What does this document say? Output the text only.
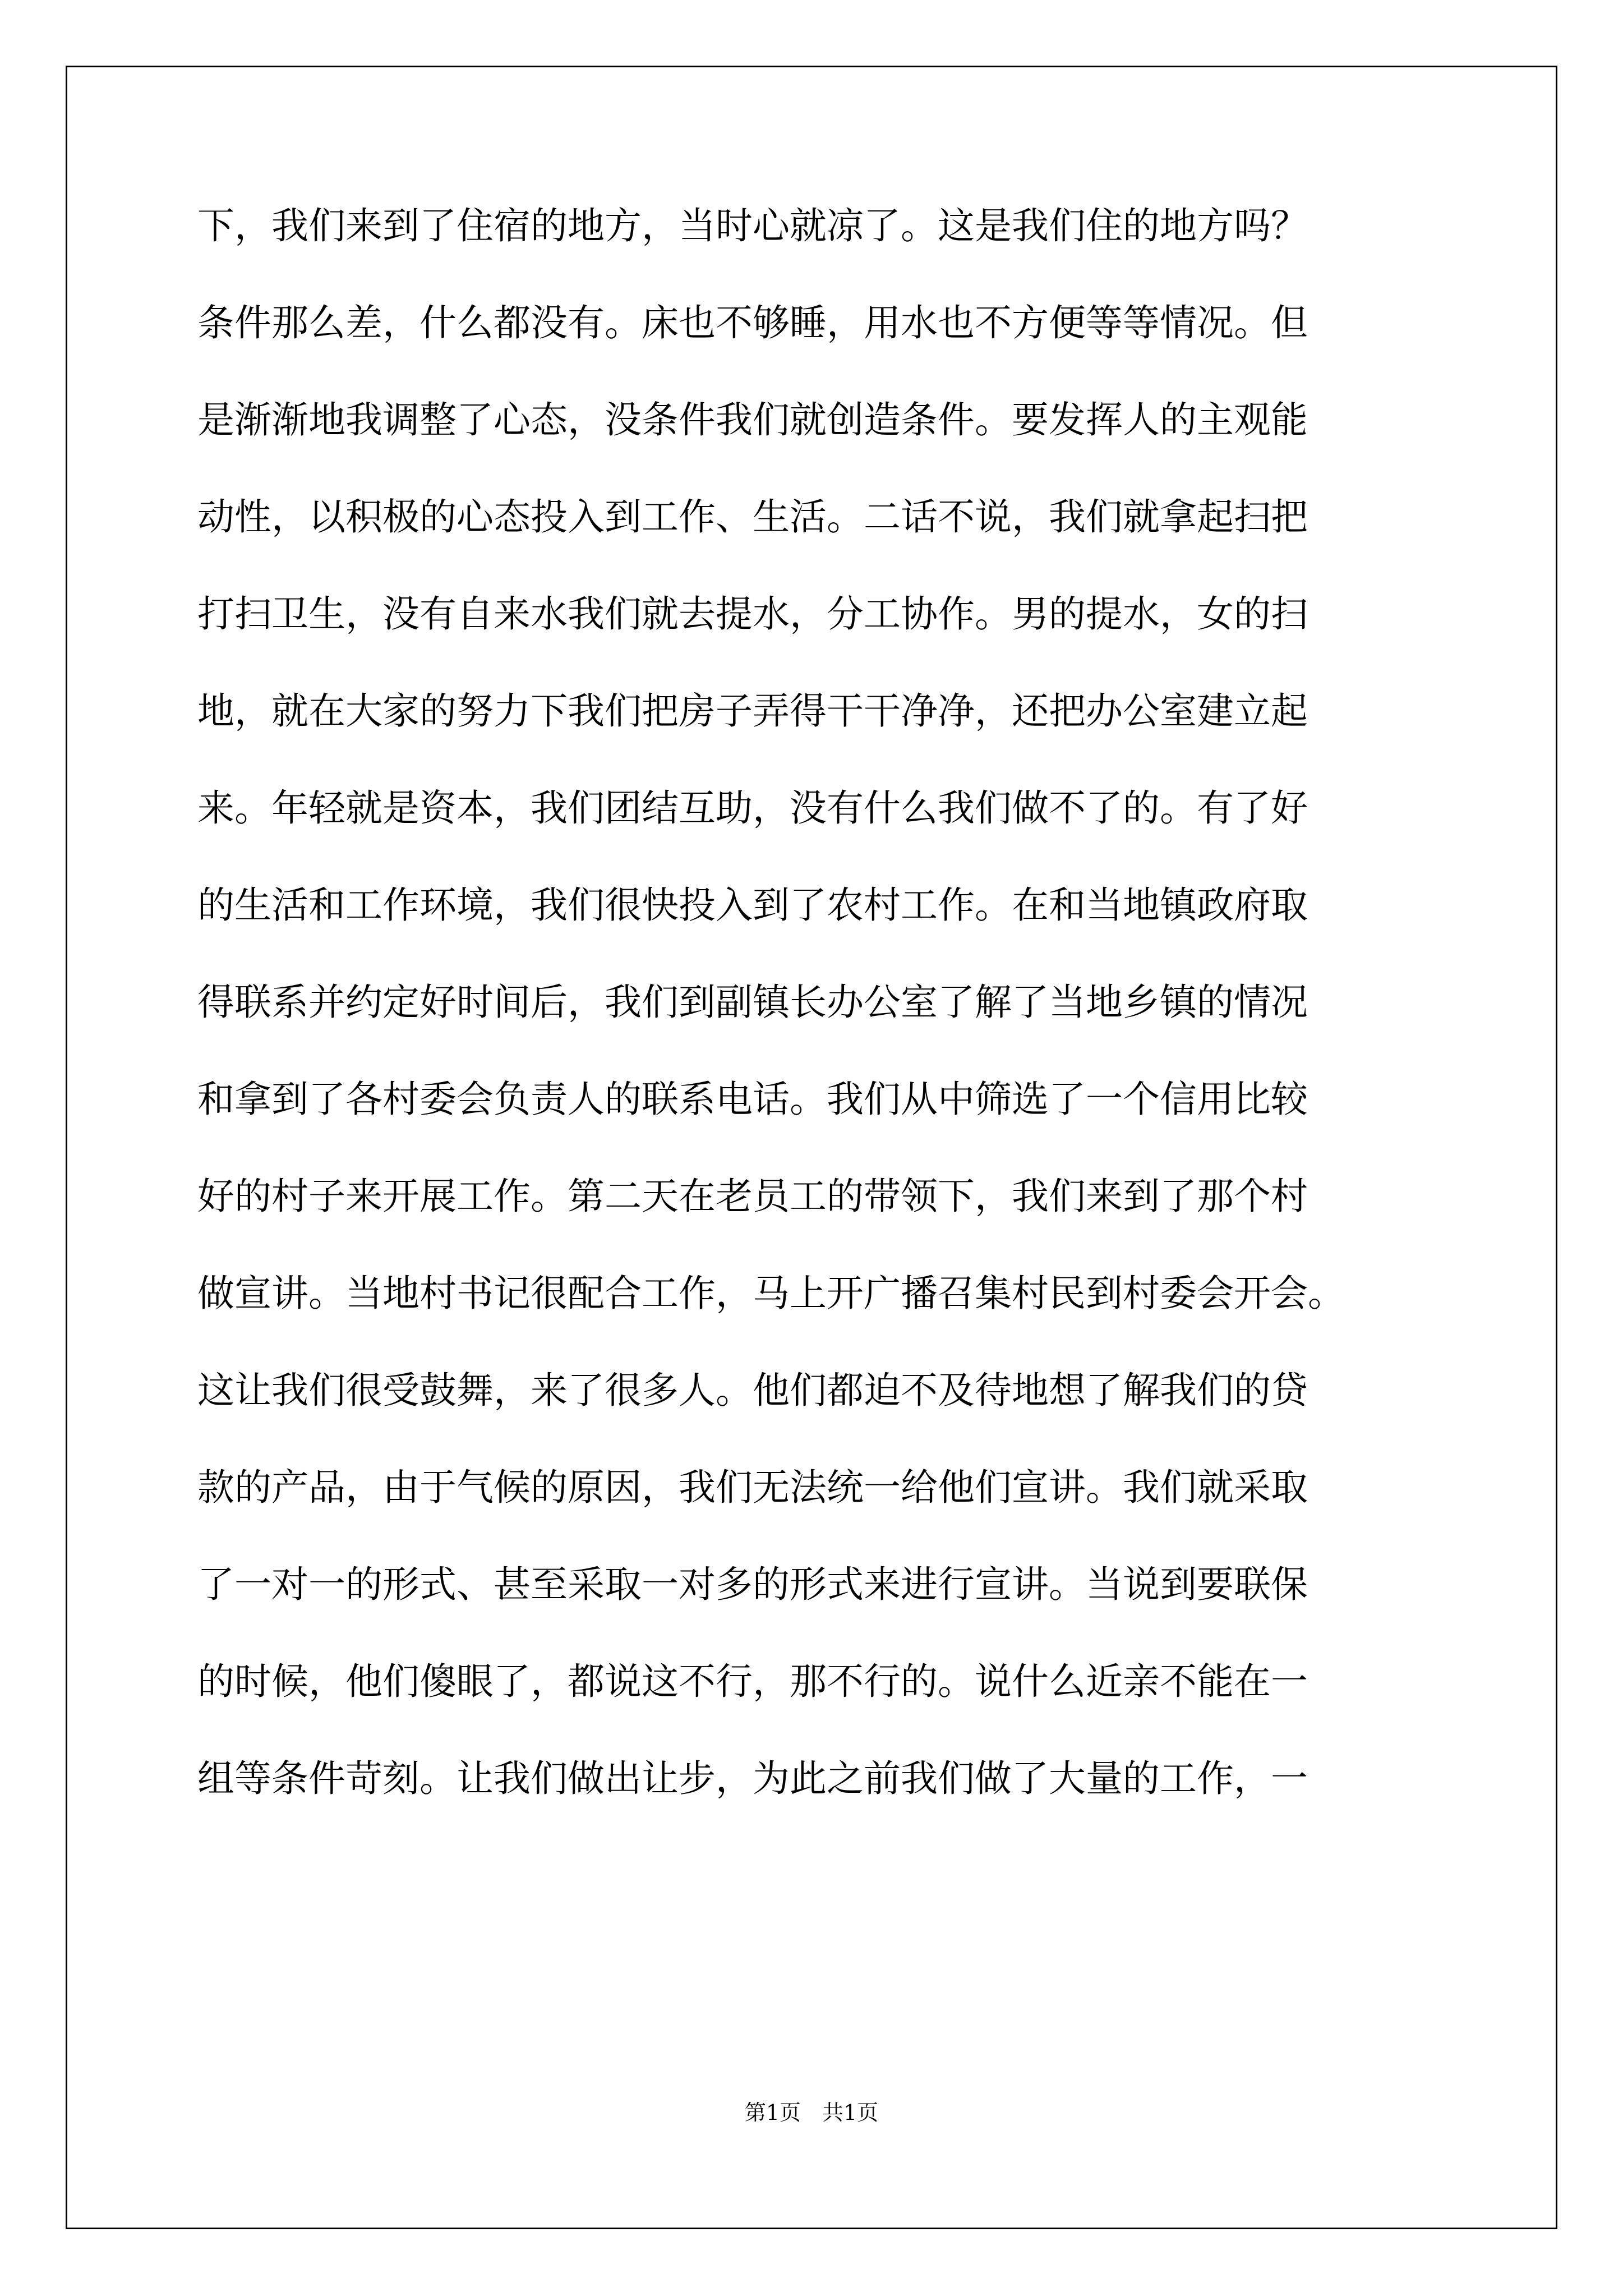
下，我们来到了住宿的地方，当时心就凉了。这是我们住的地方吗？
条件那么差，什么都没有。床也不够睡，用水也不方便等等情况。但
是渐渐地我调整了心态，没条件我们就创造条件。要发挥人的主观能
动性，以积极的心态投入到工作、生活。二话不说，我们就拿起扫把
打扫卫生，没有自来水我们就去提水，分工协作。男的提水，女的扫
地，就在大家的努力下我们把房子弄得干干净净，还把办公室建立起
来。年轻就是资本，我们团结互助，没有什么我们做不了的。有了好
的生活和工作环境，我们很快投入到了农村工作。在和当地镇政府取
得联系并约定好时间后，我们到副镇长办公室了解了当地乡镇的情况
和拿到了各村委会负责人的联系电话。我们从中筛选了一个信用比较
好的村子来开展工作。第二天在老员工的带领下，我们来到了那个村
做宣讲。当地村书记很配合工作，马上开广播召集村民到村委会开会。
这让我们很受鼓舞，来了很多人。他们都迫不及待地想了解我们的贷
款的产品，由于气候的原因，我们无法统一给他们宣讲。我们就采取
了一对一的形式、甚至采取一对多的形式来进行宣讲。当说到要联保
的时候，他们傻眼了，都说这不行，那不行的。说什么近亲不能在一
组等条件苛刻。让我们做出让步，为此之前我们做了大量的工作，一
第1页　共1页
